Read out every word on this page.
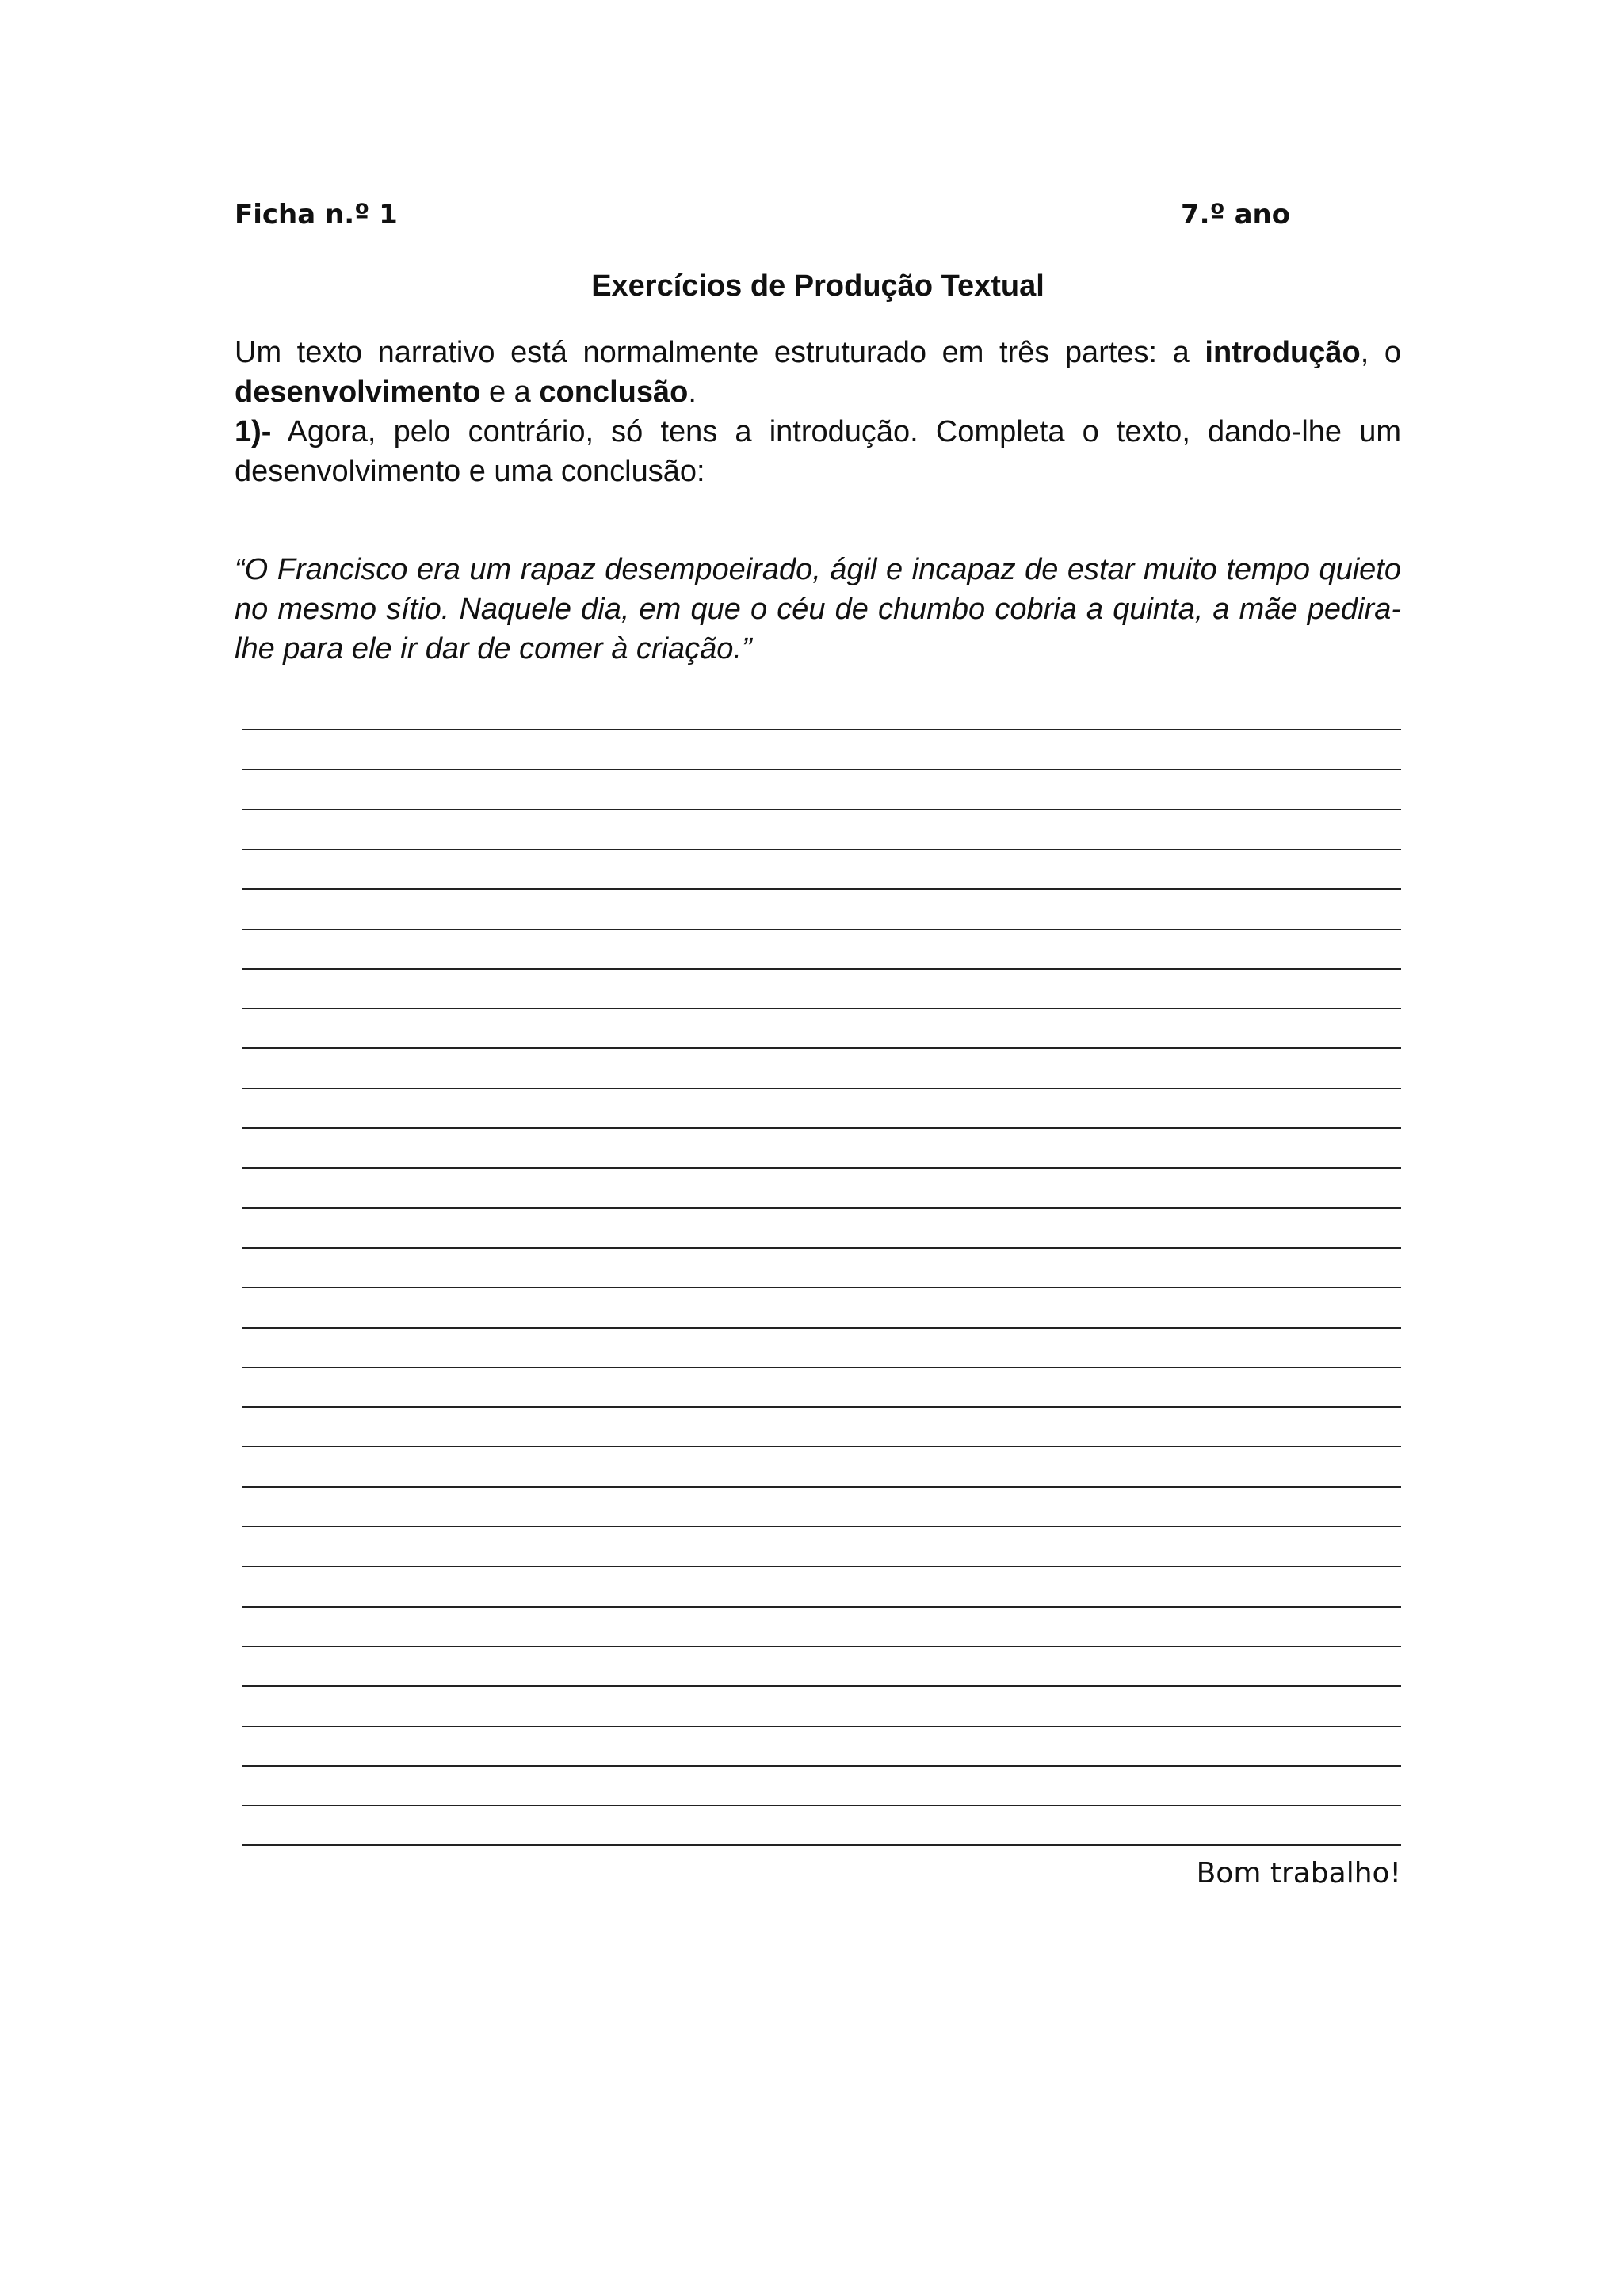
Ficha n.º 1	7.º ano
Exercícios de Produção Textual
Um texto narrativo está normalmente estruturado em três partes: a introdução, o desenvolvimento e a conclusão.
1)- Agora, pelo contrário, só tens a introdução. Completa o texto, dando-lhe um desenvolvimento e uma conclusão:
“O Francisco era um rapaz desempoeirado, ágil e incapaz de estar muito tempo quieto no mesmo sítio. Naquele dia, em que o céu de chumbo cobria a quinta, a mãe pedira-lhe para ele ir dar de comer à criação.”
Bom trabalho!
